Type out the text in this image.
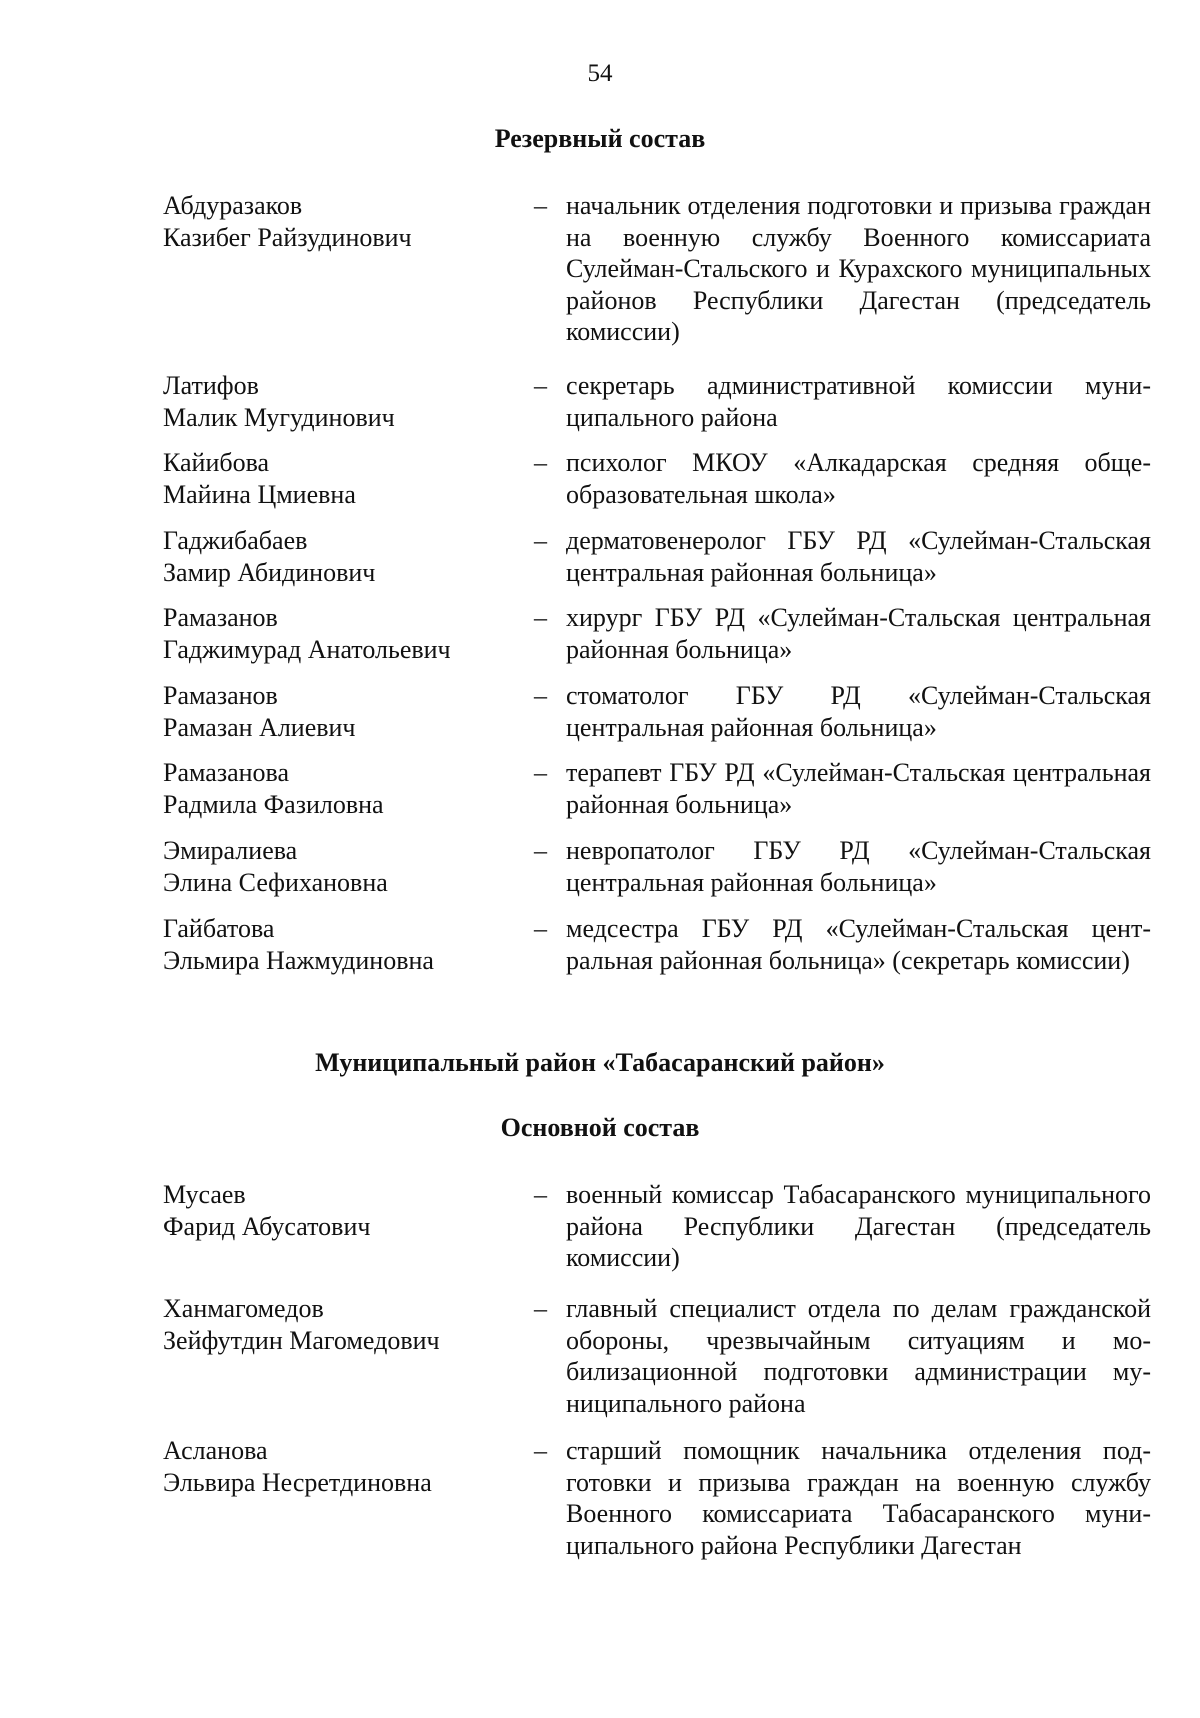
54
Резервный состав
Абдуразаков
Казибег Райзудинович
– начальник отделения подготовки и призыва граждан на военную службу Военного комиссариата Сулейман-Стальского и Курахского муниципальных районов Республики Дагестан (председатель комиссии)
Латифов
Малик Мугудинович
– секретарь административной комиссии муниципального района
Кайибова
Майина Цмиевна
– психолог МКОУ «Алкадарская средняя общеобразовательная школа»
Гаджибабаев
Замир Абидинович
– дерматовенеролог ГБУ РД «Сулейман-Стальская центральная районная больница»
Рамазанов
Гаджимурад Анатольевич
– хирург ГБУ РД «Сулейман-Стальская центральная районная больница»
Рамазанов
Рамазан Алиевич
– стоматолог ГБУ РД «Сулейман-Стальская центральная районная больница»
Рамазанова
Радмила Фазиловна
– терапевт ГБУ РД «Сулейман-Стальская центральная районная больница»
Эмиралиева
Элина Сефихановна
– невропатолог ГБУ РД «Сулейман-Стальская центральная районная больница»
Гайбатова
Эльмира Нажмудиновна
– медсестра ГБУ РД «Сулейман-Стальская центральная районная больница» (секретарь комиссии)
Муниципальный район «Табасаранский район»
Основной состав
Мусаев
Фарид Абусатович
– военный комиссар Табасаранского муниципального района Республики Дагестан (председатель комиссии)
Ханмагомедов
Зейфутдин Магомедович
– главный специалист отдела по делам гражданской обороны, чрезвычайным ситуациям и мобилизационной подготовки администрации муниципального района
Асланова
Эльвира Несретдиновна
– старший помощник начальника отделения подготовки и призыва граждан на военную службу Военного комиссариата Табасаранского муниципального района Республики Дагестан
